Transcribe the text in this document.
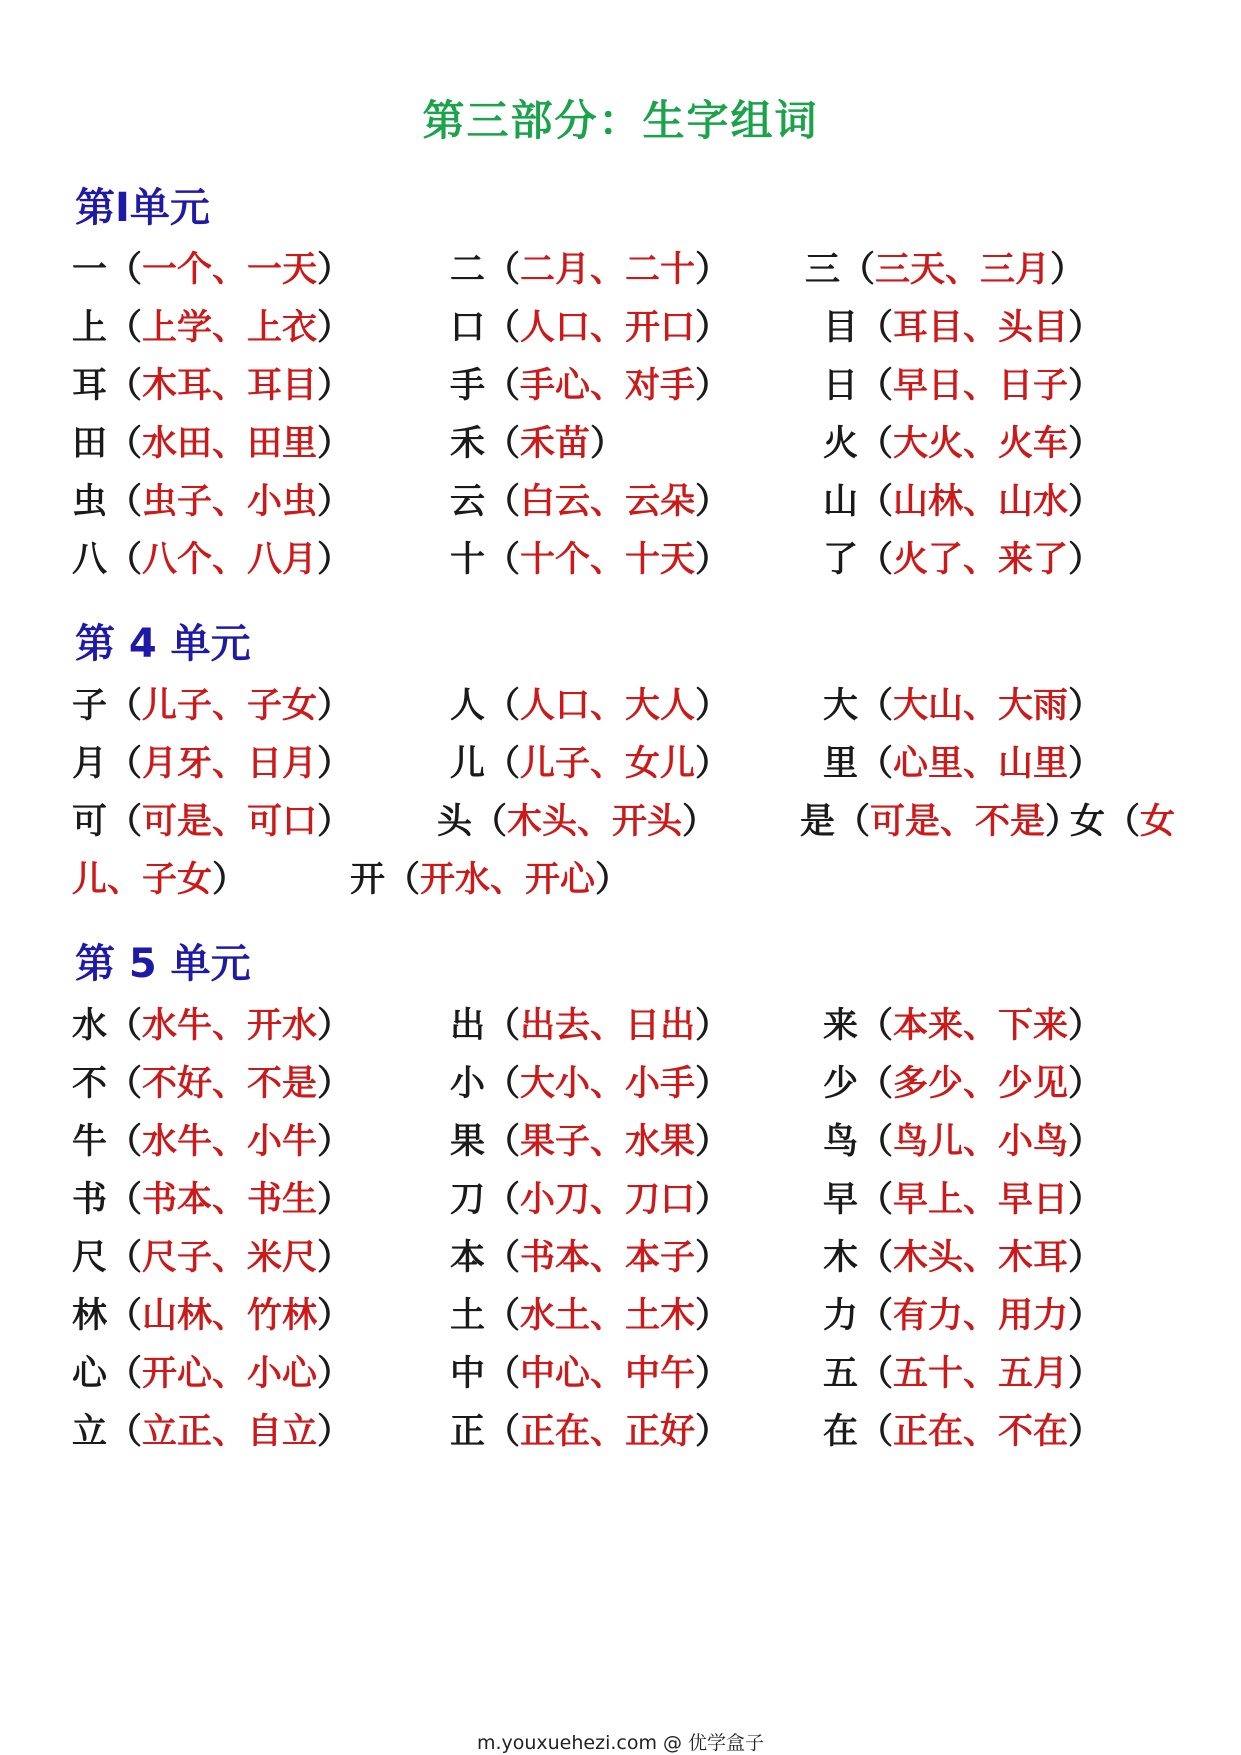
第三部分：生字组词
第Ⅰ单元
一（一个、一天）	二（二月、二十） 三（三天、三月）
上（上学、上衣）	口（人口、开口）	目（耳目、头目）
耳（木耳、耳目）	手（手心、对手）	日（早日、日子）
田（水田、田里）	禾（禾苗）	火（大火、火车）
虫（虫子、小虫）	云（白云、云朵）	山（山林、山水）
八（八个、八月）	十（十个、十天）	了（火了、来了）
第 4 单元
子（儿子、子女）	人（人口、大人）	大（大山、大雨）
月（月牙、日月）	儿（儿子、女儿）	里（心里、山里）
可（可是、可口） 头（木头、开头） 是（可是、不是）
女（女
儿、子女）	开（开水、开心）
第 5 单元
水（水牛、开水）	出（出去、日出）	来（本来、下来）
不（不好、不是）	小（大小、小手）	少（多少、少见）
牛（水牛、小牛）	果（果子、水果）	鸟（鸟儿、小鸟）
书（书本、书生）	刀（小刀、刀口）	早（早上、早日）
尺（尺子、米尺）	本（书本、本子）	木（木头、木耳）
林（山林、竹林）	土（水土、土木）	力（有力、用力）
心（开心、小心）	中（中心、中午）	五（五十、五月）
立（立正、自立）	正（正在、正好）	在（正在、不在）
m.youxuehezi.com @ 优学盒子
